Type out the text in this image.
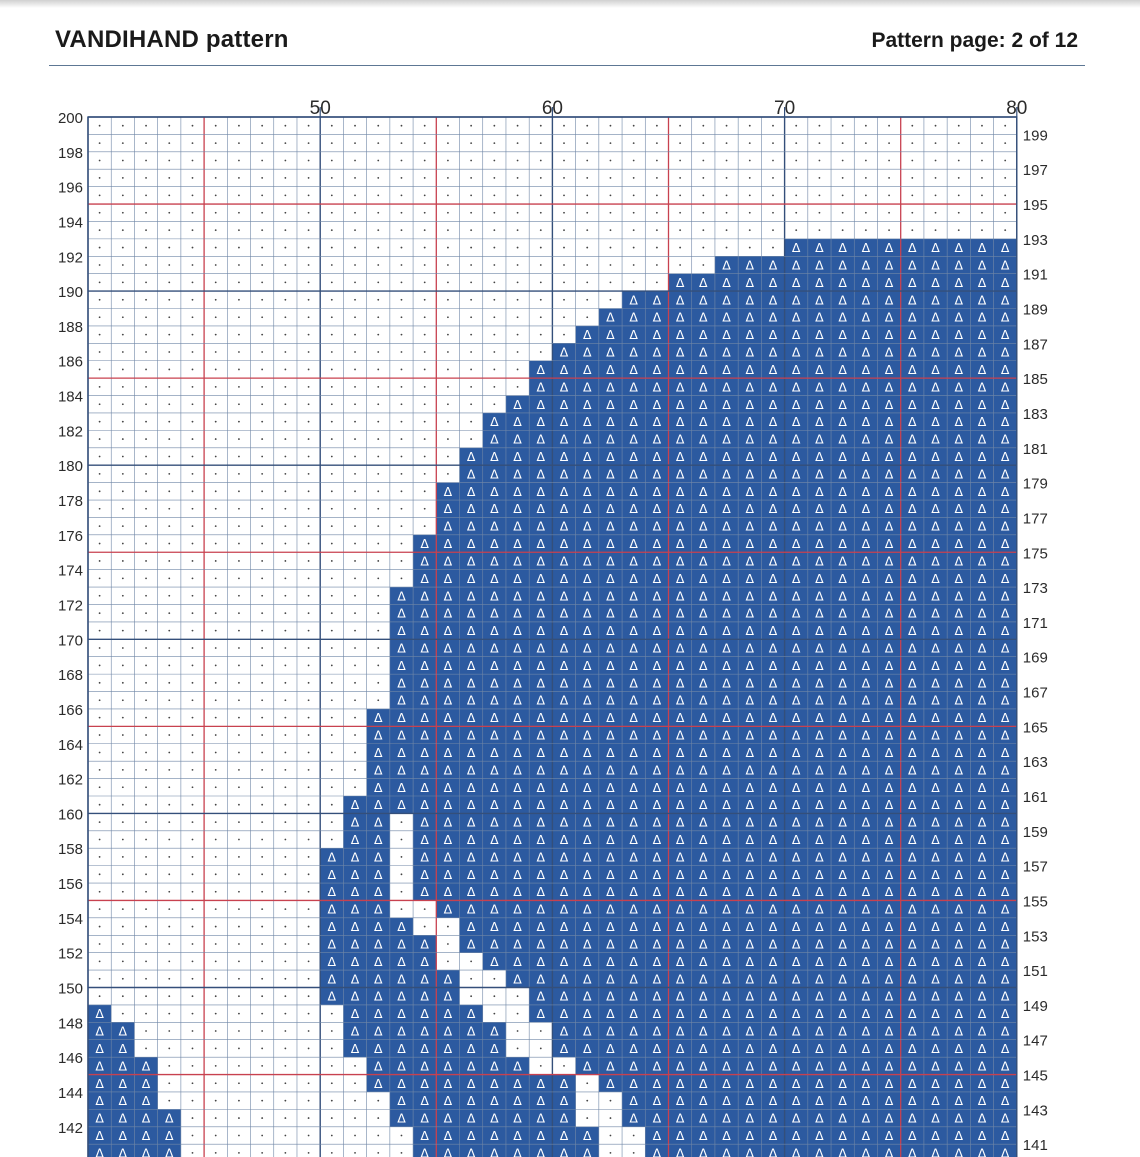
VANDIHAND pattern	Pattern page: 2 of 12
Δ Δ Δ Δ Δ Δ Δ Δ Δ Δ
Δ Δ Δ Δ Δ Δ Δ Δ Δ Δ Δ Δ Δ
Δ Δ Δ Δ Δ Δ Δ Δ Δ Δ Δ Δ Δ Δ Δ
Δ Δ Δ Δ Δ Δ Δ Δ Δ Δ Δ Δ Δ Δ Δ Δ Δ
Δ Δ Δ Δ Δ Δ Δ Δ Δ Δ Δ Δ Δ Δ Δ Δ Δ Δ
Δ Δ Δ Δ Δ Δ Δ Δ Δ Δ Δ Δ Δ Δ Δ Δ Δ Δ Δ
Δ Δ Δ Δ Δ Δ Δ Δ Δ Δ Δ Δ Δ Δ Δ Δ Δ Δ Δ Δ
Δ Δ Δ Δ Δ Δ Δ Δ Δ Δ Δ Δ Δ Δ Δ Δ Δ Δ Δ Δ Δ
Δ Δ Δ Δ Δ Δ Δ Δ Δ Δ Δ Δ Δ Δ Δ Δ Δ Δ Δ Δ Δ
Δ Δ Δ Δ Δ Δ Δ Δ Δ Δ Δ Δ Δ Δ Δ Δ Δ Δ Δ Δ Δ Δ
Δ Δ Δ Δ Δ Δ Δ Δ Δ Δ Δ Δ Δ Δ Δ Δ Δ Δ Δ Δ Δ Δ Δ
Δ Δ Δ Δ Δ Δ Δ Δ Δ Δ Δ Δ Δ Δ Δ Δ Δ Δ Δ Δ Δ Δ Δ
Δ Δ Δ Δ Δ Δ Δ Δ Δ Δ Δ Δ Δ Δ Δ Δ Δ Δ Δ Δ Δ Δ Δ Δ
Δ Δ Δ Δ Δ Δ Δ Δ Δ Δ Δ Δ Δ Δ Δ Δ Δ Δ Δ Δ Δ Δ Δ Δ
Δ Δ Δ Δ Δ Δ Δ Δ Δ Δ Δ Δ Δ Δ Δ Δ Δ Δ Δ Δ Δ Δ Δ Δ Δ
Δ Δ Δ Δ Δ Δ Δ Δ Δ Δ Δ Δ Δ Δ Δ Δ Δ Δ Δ Δ Δ Δ Δ Δ Δ
Δ Δ Δ Δ Δ Δ Δ Δ Δ Δ Δ Δ Δ Δ Δ Δ Δ Δ Δ Δ Δ Δ Δ Δ Δ
Δ Δ Δ Δ Δ Δ Δ Δ Δ Δ Δ Δ Δ Δ Δ Δ Δ Δ Δ Δ Δ Δ Δ Δ Δ Δ
Δ Δ Δ Δ Δ Δ Δ Δ Δ Δ Δ Δ Δ Δ Δ Δ Δ Δ Δ Δ Δ Δ Δ Δ Δ Δ
Δ Δ Δ Δ Δ Δ Δ Δ Δ Δ Δ Δ Δ Δ Δ Δ Δ Δ Δ Δ Δ Δ Δ Δ Δ Δ
Δ Δ Δ Δ Δ Δ Δ Δ Δ Δ Δ Δ Δ Δ Δ Δ Δ Δ Δ Δ Δ Δ Δ Δ Δ Δ Δ
Δ Δ Δ Δ Δ Δ Δ Δ Δ Δ Δ Δ Δ Δ Δ Δ Δ Δ Δ Δ Δ Δ Δ Δ Δ Δ Δ
Δ Δ Δ Δ Δ Δ Δ Δ Δ Δ Δ Δ Δ Δ Δ Δ Δ Δ Δ Δ Δ Δ Δ Δ Δ Δ Δ
Δ Δ Δ Δ Δ Δ Δ Δ Δ Δ Δ Δ Δ Δ Δ Δ Δ Δ Δ Δ Δ Δ Δ Δ Δ Δ Δ
Δ Δ Δ Δ Δ Δ Δ Δ Δ Δ Δ Δ Δ Δ Δ Δ Δ Δ Δ Δ Δ Δ Δ Δ Δ Δ Δ
Δ Δ Δ Δ Δ Δ Δ Δ Δ Δ Δ Δ Δ Δ Δ Δ Δ Δ Δ Δ Δ Δ Δ Δ Δ Δ Δ
Δ Δ Δ Δ Δ Δ Δ Δ Δ Δ Δ Δ Δ Δ Δ Δ Δ Δ Δ Δ Δ Δ Δ Δ Δ Δ Δ
Δ Δ Δ Δ Δ Δ Δ Δ Δ Δ Δ Δ Δ Δ Δ Δ Δ Δ Δ Δ Δ Δ Δ Δ Δ Δ Δ Δ
Δ Δ Δ Δ Δ Δ Δ Δ Δ Δ Δ Δ Δ Δ Δ Δ Δ Δ Δ Δ Δ Δ Δ Δ Δ Δ Δ Δ
Δ Δ Δ Δ Δ Δ Δ Δ Δ Δ Δ Δ Δ Δ Δ Δ Δ Δ Δ Δ Δ Δ Δ Δ Δ Δ Δ Δ
Δ Δ Δ Δ Δ Δ Δ Δ Δ Δ Δ Δ Δ Δ Δ Δ Δ Δ Δ Δ Δ Δ Δ Δ Δ Δ Δ Δ
Δ Δ Δ Δ Δ Δ Δ Δ Δ Δ Δ Δ Δ Δ Δ Δ Δ Δ Δ Δ Δ Δ Δ Δ Δ Δ Δ Δ
Δ Δ Δ Δ Δ Δ Δ Δ Δ Δ Δ Δ Δ Δ Δ Δ Δ Δ Δ Δ Δ Δ Δ Δ Δ Δ Δ Δ Δ
Δ Δ	Δ Δ Δ Δ Δ Δ Δ Δ Δ Δ Δ Δ Δ Δ Δ Δ Δ Δ Δ Δ Δ Δ Δ Δ Δ Δ
Δ Δ	Δ Δ Δ Δ Δ Δ Δ Δ Δ Δ Δ Δ Δ Δ Δ Δ Δ Δ Δ Δ Δ Δ Δ Δ Δ Δ
Δ Δ Δ	Δ Δ Δ Δ Δ Δ Δ Δ Δ Δ Δ Δ Δ Δ Δ Δ Δ Δ Δ Δ Δ Δ Δ Δ Δ Δ
Δ Δ Δ	Δ Δ Δ Δ Δ Δ Δ Δ Δ Δ Δ Δ Δ Δ Δ Δ Δ Δ Δ Δ Δ Δ Δ Δ Δ Δ
Δ Δ Δ	Δ Δ Δ Δ Δ Δ Δ Δ Δ Δ Δ Δ Δ Δ Δ Δ Δ Δ Δ Δ Δ Δ Δ Δ Δ Δ
Δ Δ Δ	Δ Δ Δ Δ Δ Δ Δ Δ Δ Δ Δ Δ Δ Δ Δ Δ Δ Δ Δ Δ Δ Δ Δ Δ Δ
Δ Δ Δ Δ	Δ Δ Δ Δ Δ Δ Δ Δ Δ Δ Δ Δ Δ Δ Δ Δ Δ Δ Δ Δ Δ Δ Δ Δ
Δ Δ Δ Δ Δ	Δ Δ Δ Δ Δ Δ Δ Δ Δ Δ Δ Δ Δ Δ Δ Δ Δ Δ Δ Δ Δ Δ Δ Δ
Δ Δ Δ Δ Δ	Δ Δ Δ Δ Δ Δ Δ Δ Δ Δ Δ Δ Δ Δ Δ Δ Δ Δ Δ Δ Δ Δ Δ
Δ Δ Δ Δ Δ Δ	Δ Δ Δ Δ Δ Δ Δ Δ Δ Δ Δ Δ Δ Δ Δ Δ Δ Δ Δ Δ Δ Δ
Δ Δ Δ Δ Δ Δ	Δ Δ Δ Δ Δ Δ Δ Δ Δ Δ Δ Δ Δ Δ Δ Δ Δ Δ Δ Δ Δ
Δ	Δ Δ Δ Δ Δ Δ	Δ Δ Δ Δ Δ Δ Δ Δ Δ Δ Δ Δ Δ Δ Δ Δ Δ Δ Δ Δ Δ
Δ Δ	Δ Δ Δ Δ Δ Δ Δ	Δ Δ Δ Δ Δ Δ Δ Δ Δ Δ Δ Δ Δ Δ Δ Δ Δ Δ Δ Δ
Δ Δ	Δ Δ Δ Δ Δ Δ Δ	Δ Δ Δ Δ Δ Δ Δ Δ Δ Δ Δ Δ Δ Δ Δ Δ Δ Δ Δ Δ
Δ Δ Δ	Δ Δ Δ Δ Δ Δ Δ	Δ Δ Δ Δ Δ Δ Δ Δ Δ Δ Δ Δ Δ Δ Δ Δ Δ Δ Δ
Δ Δ Δ	Δ Δ Δ Δ Δ Δ Δ Δ Δ	Δ Δ Δ Δ Δ Δ Δ Δ Δ Δ Δ Δ Δ Δ Δ Δ Δ Δ
Δ Δ Δ	Δ Δ Δ Δ Δ Δ Δ Δ	Δ Δ Δ Δ Δ Δ Δ Δ Δ Δ Δ Δ Δ Δ Δ Δ Δ
Δ Δ Δ Δ	Δ Δ Δ Δ Δ Δ Δ Δ	Δ Δ Δ Δ Δ Δ Δ Δ Δ Δ Δ Δ Δ Δ Δ Δ Δ
Δ Δ Δ Δ	Δ Δ Δ Δ Δ Δ Δ Δ	Δ Δ Δ Δ Δ Δ Δ Δ Δ Δ Δ Δ Δ Δ Δ Δ
Δ Δ Δ Δ	Δ Δ Δ Δ Δ Δ Δ Δ	Δ Δ Δ Δ Δ Δ Δ Δ Δ Δ Δ Δ Δ Δ Δ Δ
50	60	70	80
200
198
196
194
192
190
188
186
184
182
180
178
176
174
172
170
168
166
164
162
160
158
156
154
152
150
148
146
144
142
199
197
195
193
191
189
187
185
183
181
179
177
175
173
171
169
167
165
163
161
159
157
155
153
151
149
147
145
143
141
